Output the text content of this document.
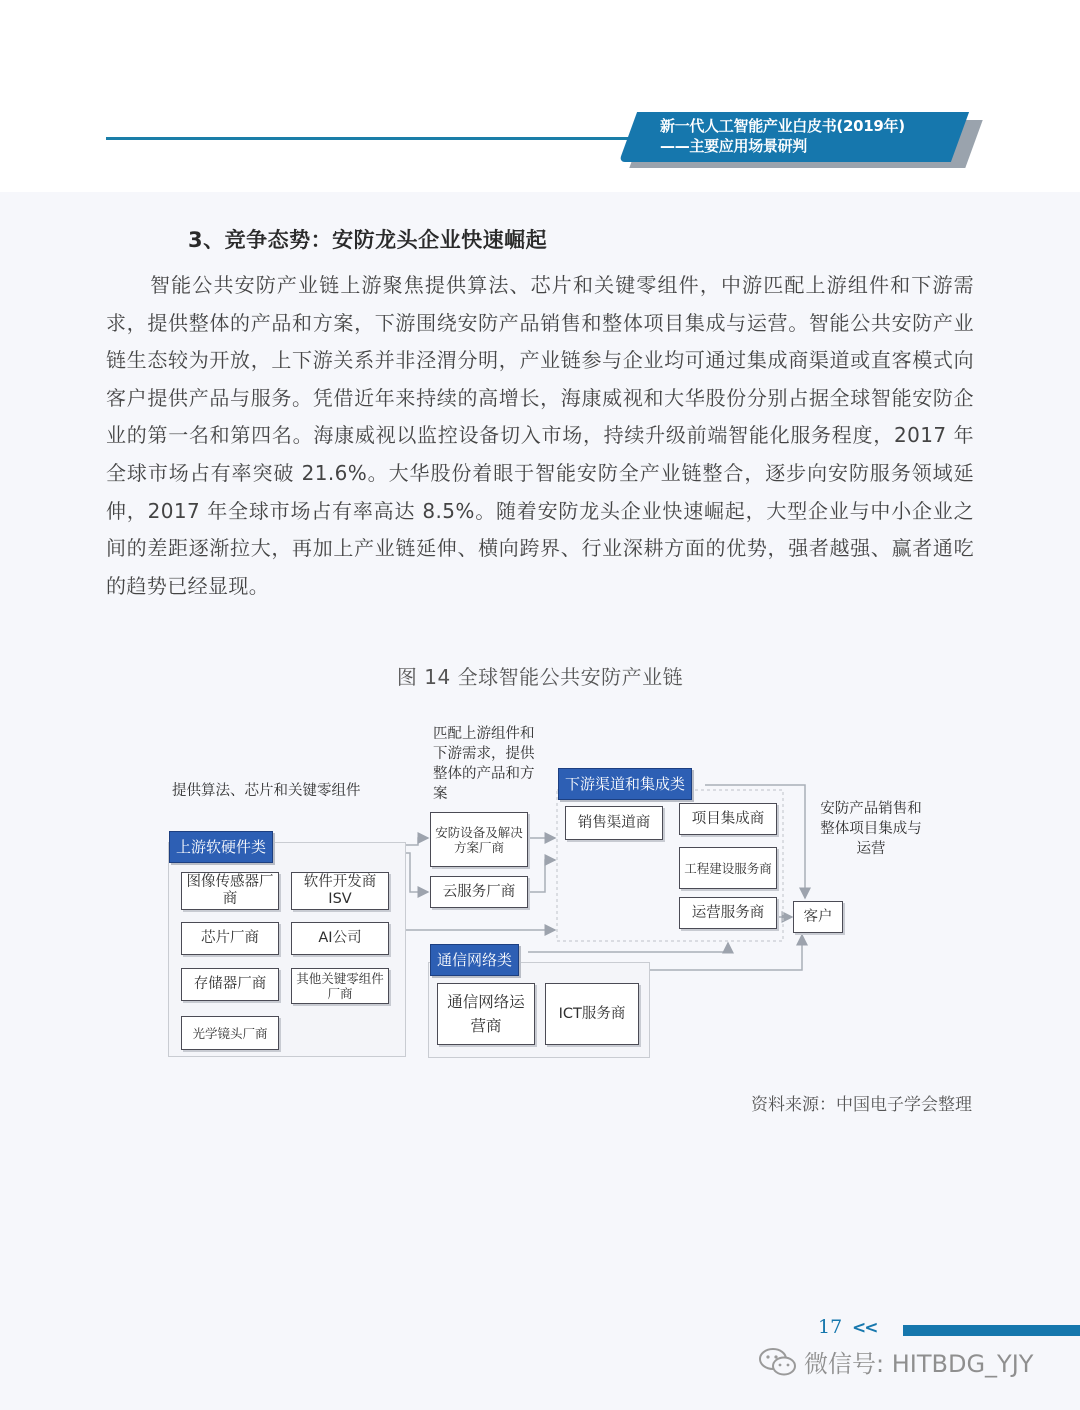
新一代人工智能产业白皮书(2019年)
——主要应用场景研判
3、竞争态势：安防龙头企业快速崛起

智能公共安防产业链上游聚焦提供算法、芯片和关键零组件，中游匹配上游组件和下游需求，提供整体的产品和方案，下游围绕安防产品销售和整体项目集成与运营。智能公共安防产业链生态较为开放，上下游关系并非泾渭分明，产业链参与企业均可通过集成商渠道或直客模式向客户提供产品与服务。凭借近年来持续的高增长，海康威视和大华股份分别占据全球智能安防企业的第一名和第四名。海康威视以监控设备切入市场，持续升级前端智能化服务程度，2017 年全球市场占有率突破 21.6%。大华股份着眼于智能安防全产业链整合，逐步向安防服务领域延伸，2017 年全球市场占有率高达 8.5%。随着安防龙头企业快速崛起，大型企业与中小企业之间的差距逐渐拉大，再加上产业链延伸、横向跨界、行业深耕方面的优势，强者越强、赢者通吃的趋势已经显现。

图 14 全球智能公共安防产业链
提供算法、芯片和关键零组件
匹配上游组件和下游需求，提供整体的产品和方案
安防产品销售和整体项目集成与运营
上游软硬件类
图像传感器厂商
软件开发商ISV
芯片厂商	AI公司
存储器厂商	其他关键零组件厂商
光学镜头厂商
安防设备及解决方案厂商
云服务厂商
下游渠道和集成类
销售渠道商	项目集成商
工程建设服务商
运营服务商
通信网络类
通信网络运营商
ICT服务商
客户
资料来源：中国电子学会整理
17 <<
微信号: HITBDG_YJY
